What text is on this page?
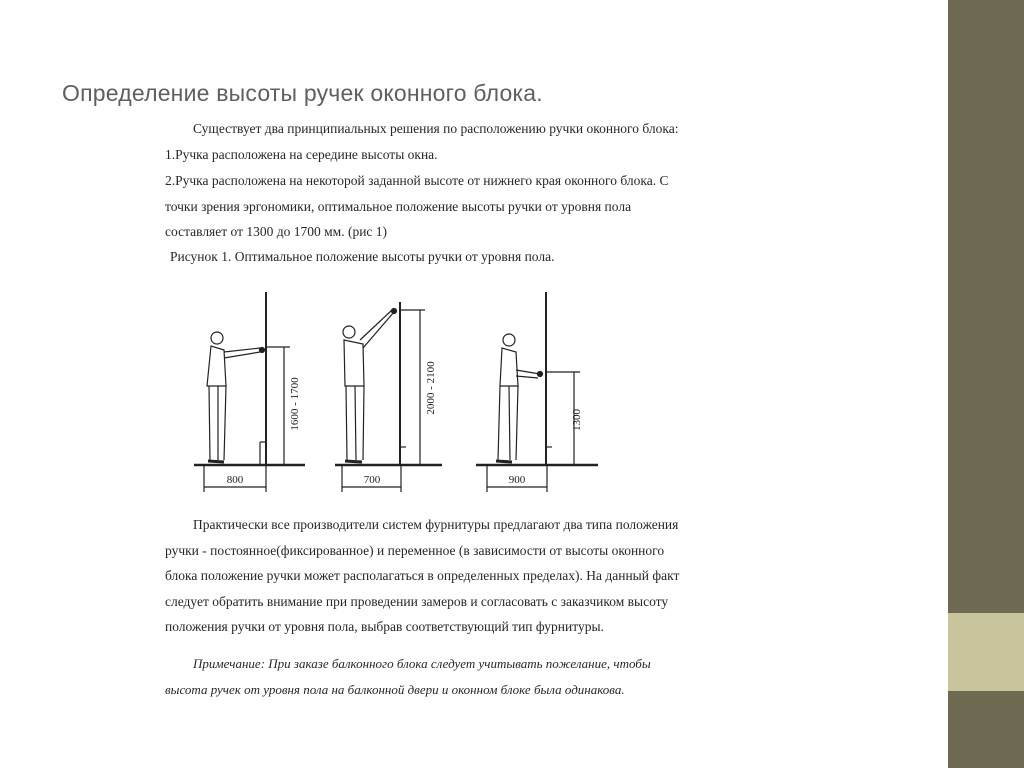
Определение высоты ручек оконного блока.

Существует два принципиальных решения по расположению ручки оконного блока:

1.Ручка расположена на середине высоты окна.

2.Ручка расположена на некоторой заданной высоте от нижнего края оконного блока. С

точки зрения эргономики, оптимальное положение высоты ручки от уровня пола

составляет от 1300 до 1700 мм. (рис 1)

Рисунок 1. Оптимальное положение высоты ручки от уровня пола.

1600 - 1700
800
2000 - 2100
700
1300
900

Практически все производители систем фурнитуры предлагают два типа положения

ручки - постоянное(фиксированное) и переменное (в зависимости от высоты оконного

блока положение ручки может располагаться в определенных пределах). На данный факт

следует обратить внимание при проведении замеров и согласовать с заказчиком высоту

положения ручки от уровня пола, выбрав соответствующий тип фурнитуры.

Примечание: При заказе балконного блока следует учитывать пожелание, чтобы

высота ручек от уровня пола на балконной двери и оконном блоке была одинакова.
